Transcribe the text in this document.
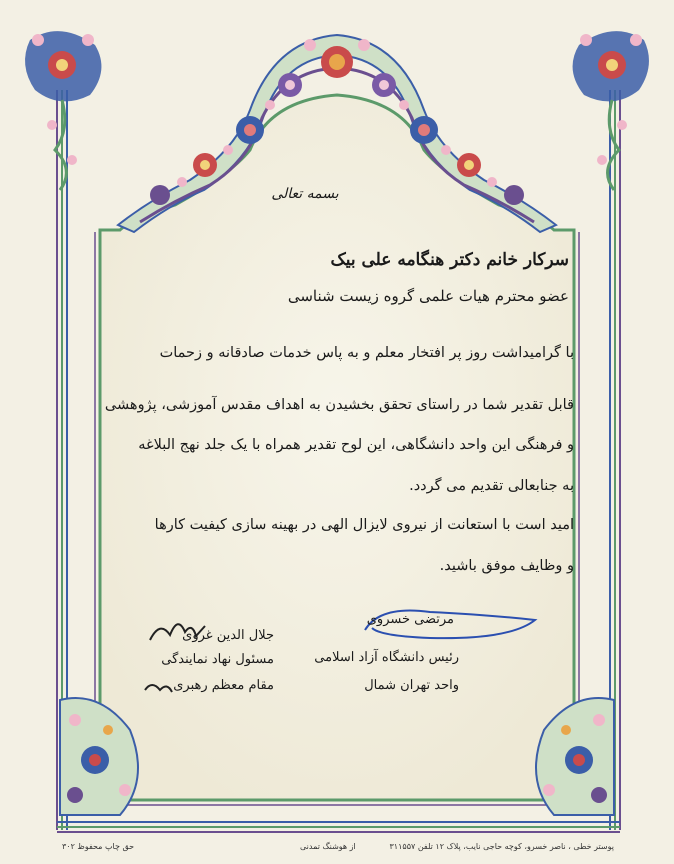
بسمه تعالی
سرکار خانم دکتر هنگامه علی بیک
عضو محترم هیات علمی گروه زیست شناسی
با گرامیداشت روز پر افتخار معلم و به پاس خدمات صادقانه و زحمات
قابل تقدیر شما در راستای تحقق بخشیدن به اهداف مقدس آموزشی، پژوهشی
و فرهنگی این واحد دانشگاهی، این لوح تقدیر همراه با یک جلد نهج البلاغه
به جنابعالی تقدیم می گردد.
امید است با استعانت از نیروی لایزال الهی در بهینه سازی کیفیت کارها
و وظایف موفق باشید.
جلال الدین غروی
مسئول نهاد نمایندگی
مقام معظم رهبری
مرتضی خسروی
رئیس دانشگاه آزاد اسلامی
واحد تهران شمال
پوستر خطی ، ناصر خسرو، کوچه حاجی نایب، پلاک ۱۲ تلفن ۳۱۱۵۵۷
از هوشنگ تمدنی
حق چاپ محفوظ ۳۰۲
